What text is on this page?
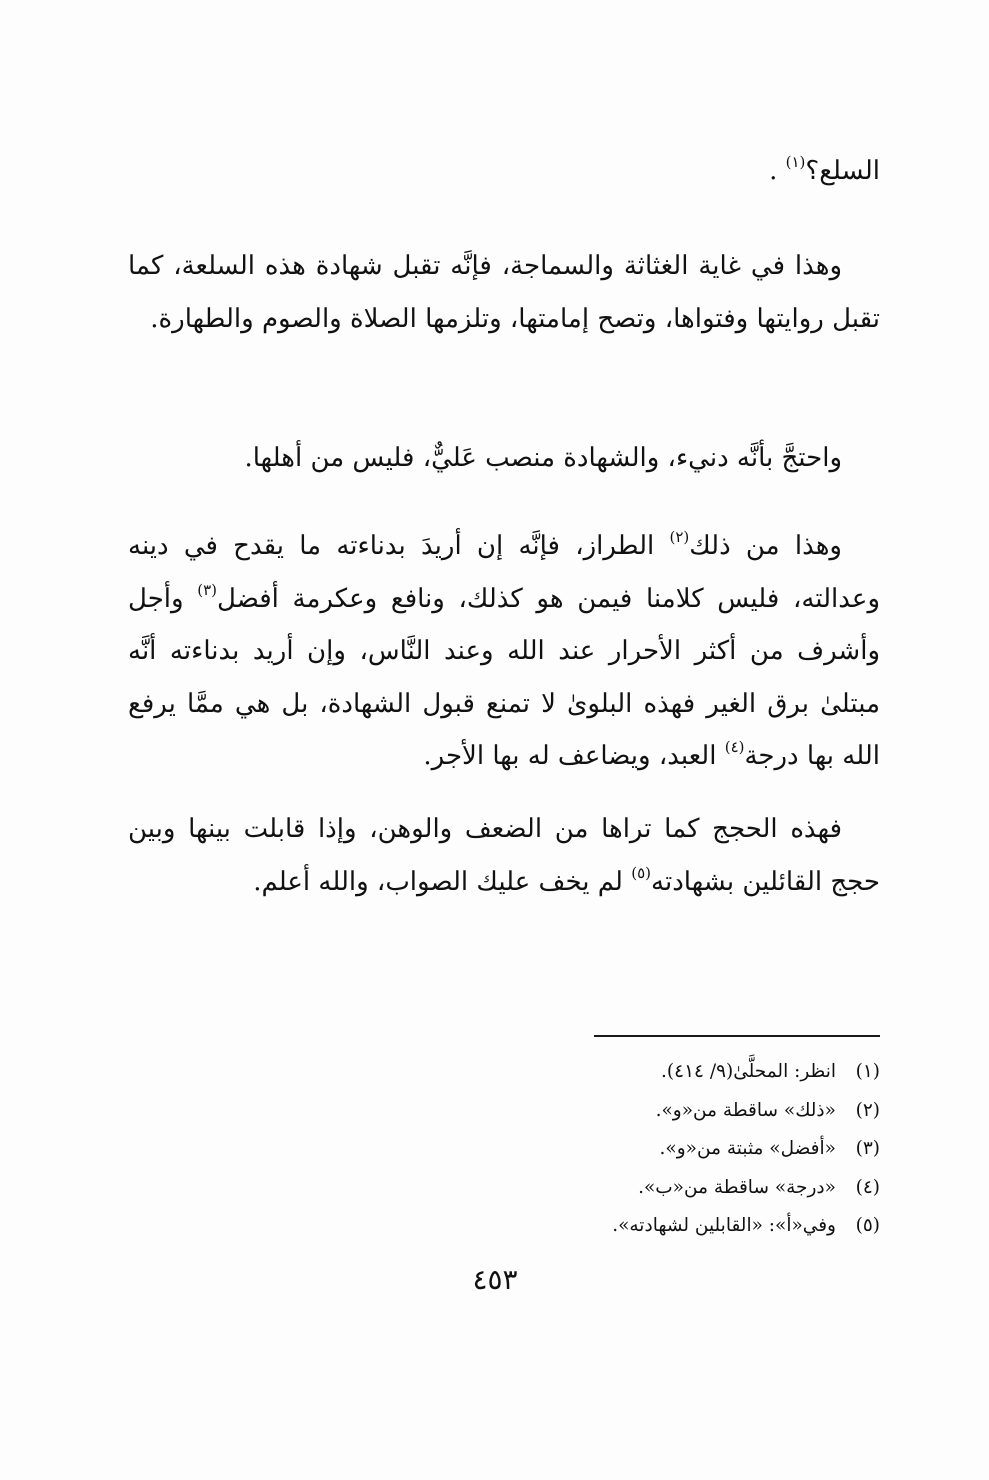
السلع؟$^{(١)}$ .

وهذا في غاية الغثاثة والسماجة، فإنَّه تقبل شهادة هذه السلعة، كما تقبل روايتها وفتواها، وتصح إمامتها، وتلزمها الصلاة والصوم والطهارة.

واحتجَّ بأنَّه دنيء، والشهادة منصب عَليٌّ، فليس من أهلها.

وهذا من ذلك$^{(٢)}$ الطراز، فإنَّه إن أريدَ بدناءته ما يقدح في دينه وعدالته، فليس كلامنا فيمن هو كذلك، ونافع وعكرمة أفضل$^{(٣)}$ وأجل وأشرف من أكثر الأحرار عند الله وعند النَّاس، وإن أريد بدناءته أنَّه مبتلىٰ برق الغير فهذه البلوىٰ لا تمنع قبول الشهادة، بل هي ممَّا يرفع الله بها درجة$^{(٤)}$ العبد، ويضاعف له بها الأجر.

فهذه الحجج كما تراها من الضعف والوهن، وإذا قابلت بينها وبين حجج القائلين بشهادته$^{(٥)}$ لم يخف عليك الصواب، والله أعلم.

(١)
انظر: المحلَّىٰ(٩/ ٤١٤).
(٢)
«ذلك» ساقطة من«و».
(٣)
«أفضل» مثبتة من«و».
(٤)
«درجة» ساقطة من«ب».
(٥)
وفي«أ»: «القابلين لشهادته».
٤٥٣
